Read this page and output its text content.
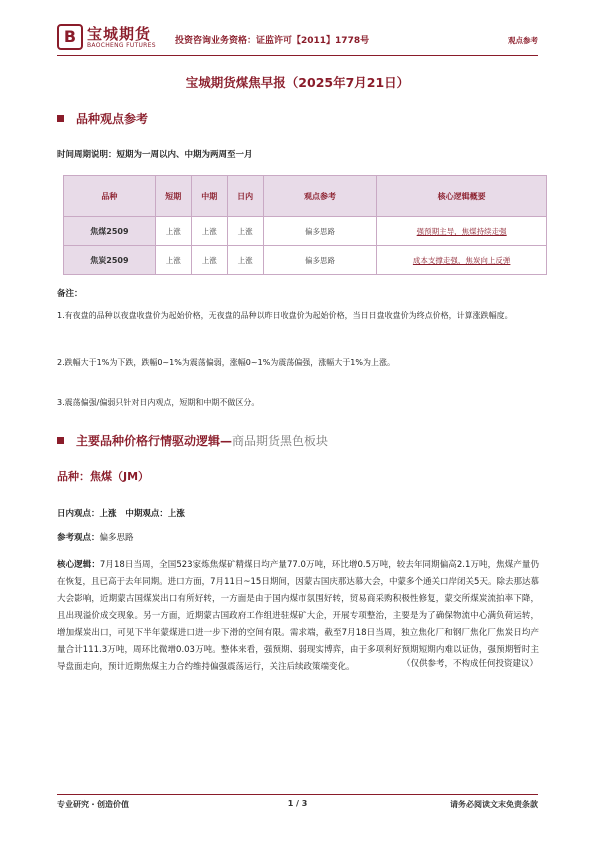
B 宝城期货
BAOCHENG FUTURES 投资咨询业务资格：证监许可【2011】1778号	观点参考
宝城期货煤焦早报（2025年7月21日）
品种观点参考
时间周期说明：短期为一周以内、中期为两周至一月
品种	短期	中期	日内	观点参考	核心逻辑概要
焦煤2509	上涨	上涨	上涨	偏多思路	强预期主导，焦煤持续走强
焦炭2509	上涨	上涨	上涨	偏多思路	成本支撑走强，焦炭向上反弹
备注：
1.有夜盘的品种以夜盘收盘价为起始价格，无夜盘的品种以昨日收盘价为起始价格，当日日盘收盘价为终点价格，计算涨跌幅度。
2.跌幅大于1%为下跌，跌幅0~1%为震荡偏弱，涨幅0~1%为震荡偏强，涨幅大于1%为上涨。
3.震荡偏强/偏弱只针对日内观点，短期和中期不做区分。
主要品种价格行情驱动逻辑—商品期货黑色板块
品种：焦煤（JM）
日内观点：上涨   中期观点：上涨
参考观点：偏多思路
核心逻辑：7月18日当周，全国523家炼焦煤矿精煤日均产量77.0万吨，环比增0.5万吨，较去年同期偏高2.1万吨，焦煤产量仍在恢复，且已高于去年同期。进口方面，7月11日~15日期间，因蒙古国庆那达慕大会，中蒙多个通关口岸闭关5天。除去那达慕大会影响，近期蒙古国煤炭出口有所好转，一方面是由于国内煤市氛围好转，贸易商采购积极性修复，蒙交所煤炭流拍率下降，且出现溢价成交现象。另一方面，近期蒙古国政府工作组进驻煤矿大企，开展专项整治，主要是为了确保物流中心满负荷运转，增加煤炭出口，可见下半年蒙煤进口进一步下滑的空间有限。需求端，截至7月18日当周，独立焦化厂和钢厂焦化厂焦炭日均产量合计111.3万吨，周环比微增0.03万吨。整体来看，强预期、弱现实博弈，由于多项利好预期短期内难以证伪，强预期暂时主导盘面走向，预计近期焦煤主力合约维持偏强震荡运行，关注后续政策端变化。	（仅供参考，不构成任何投资建议）
专业研究・创造价值	1 / 3	请务必阅读文末免责条款
